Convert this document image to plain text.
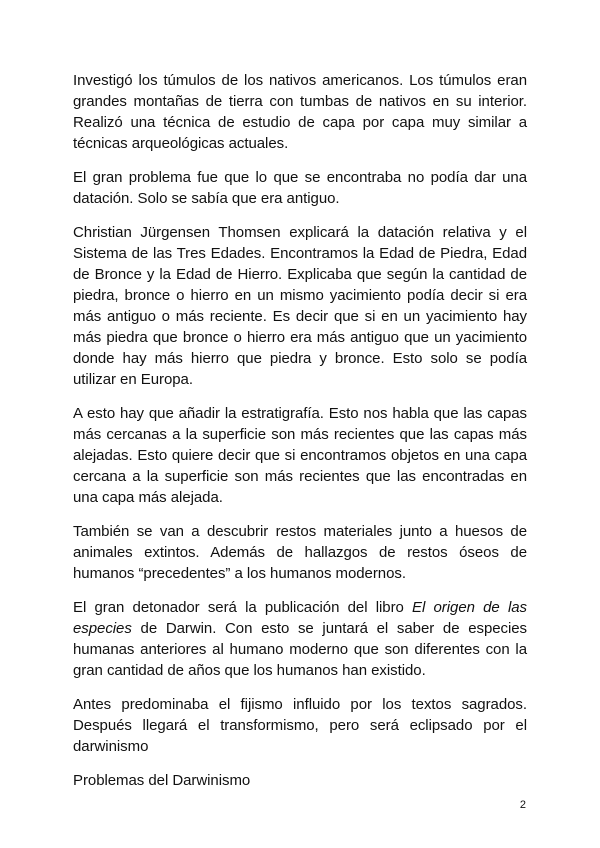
Investigó los túmulos de los nativos americanos. Los túmulos eran grandes montañas de tierra con tumbas de nativos en su interior. Realizó una técnica de estudio de capa por capa muy similar a técnicas arqueológicas actuales.

El gran problema fue que lo que se encontraba no podía dar una datación. Solo se sabía que era antiguo.

Christian Jürgensen Thomsen explicará la datación relativa y el Sistema de las Tres Edades. Encontramos la Edad de Piedra, Edad de Bronce y la Edad de Hierro. Explicaba que según la cantidad de piedra, bronce o hierro en un mismo yacimiento podía decir si era más antiguo o más reciente. Es decir que si en un yacimiento hay más piedra que bronce o hierro era más antiguo que un yacimiento donde hay más hierro que piedra y bronce. Esto solo se podía utilizar en Europa.

A esto hay que añadir la estratigrafía. Esto nos habla que las capas más cercanas a la superficie son más recientes que las capas más alejadas. Esto quiere decir que si encontramos objetos en una capa cercana a la superficie son más recientes que las encontradas en una capa más alejada.

También se van a descubrir restos materiales junto a huesos de animales extintos. Además de hallazgos de restos óseos de humanos “precedentes” a los humanos modernos.

El gran detonador será la publicación del libro El origen de las especies de Darwin. Con esto se juntará el saber de especies humanas anteriores al humano moderno que son diferentes con la gran cantidad de años que los humanos han existido.

Antes predominaba el fijismo influido por los textos sagrados. Después llegará el transformismo, pero será eclipsado por el darwinismo

Problemas del Darwinismo

2
